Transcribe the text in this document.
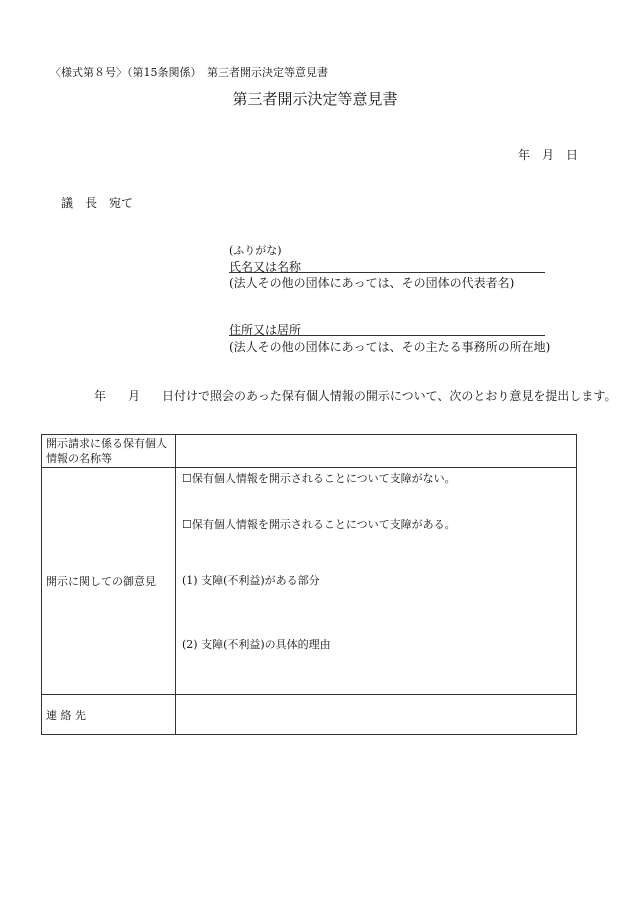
〈様式第８号〉（第15条関係）　第三者開示決定等意見書
第三者開示決定等意見書
年　月　日
議　長　宛て
(ふりがな)
氏名又は名称
(法人その他の団体にあっては、その団体の代表者名)
住所又は居所
(法人その他の団体にあっては、その主たる事務所の所在地)
年 月 日付けで照会のあった保有個人情報の開示について、次のとおり意見を提出します。
開示請求に係る保有個人情報の名称等	
開示に関しての御意見	☐保有個人情報を開示されることについて支障がない。
☐保有個人情報を開示されることについて支障がある。
(1) 支障(不利益)がある部分
(2) 支障(不利益)の具体的理由

連 絡 先	
